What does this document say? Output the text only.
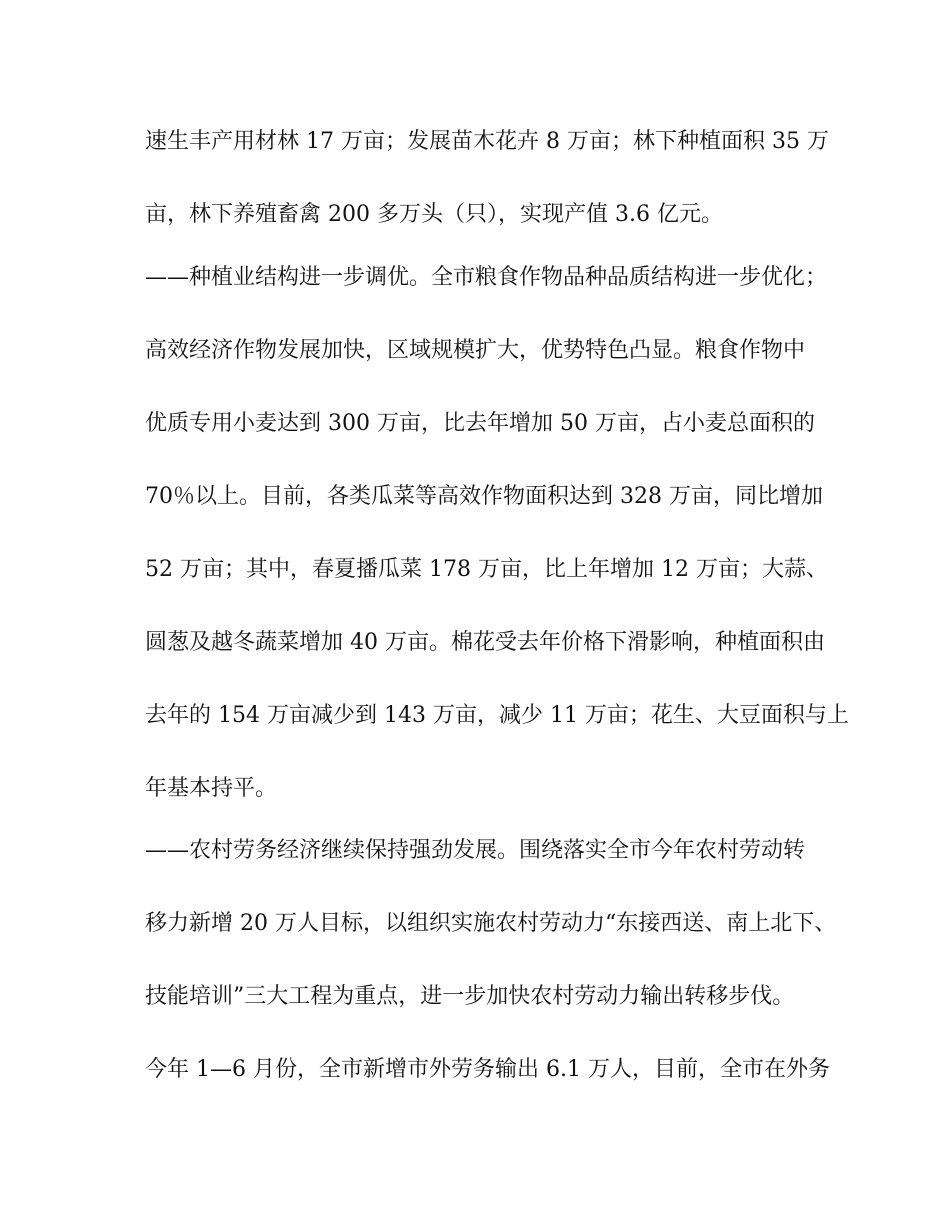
速生丰产用材林 17 万亩；发展苗木花卉 8 万亩；林下种植面积 35 万
亩，林下养殖畜禽 200 多万头（只），实现产值 3.6 亿元。
——种植业结构进一步调优。全市粮食作物品种品质结构进一步优化；
高效经济作物发展加快，区域规模扩大，优势特色凸显。粮食作物中
优质专用小麦达到 300 万亩，比去年增加 50 万亩，占小麦总面积的
70％以上。目前，各类瓜菜等高效作物面积达到 328 万亩，同比增加
52 万亩；其中，春夏播瓜菜 178 万亩，比上年增加 12 万亩；大蒜、
圆葱及越冬蔬菜增加 40 万亩。棉花受去年价格下滑影响，种植面积由
去年的 154 万亩减少到 143 万亩，减少 11 万亩；花生、大豆面积与上
年基本持平。
——农村劳务经济继续保持强劲发展。围绕落实全市今年农村劳动转
移力新增 20 万人目标，以组织实施农村劳动力“东接西送、南上北下、
技能培训”三大工程为重点，进一步加快农村劳动力输出转移步伐。
今年 1—6 月份，全市新增市外劳务输出 6.1 万人，目前，全市在外务
